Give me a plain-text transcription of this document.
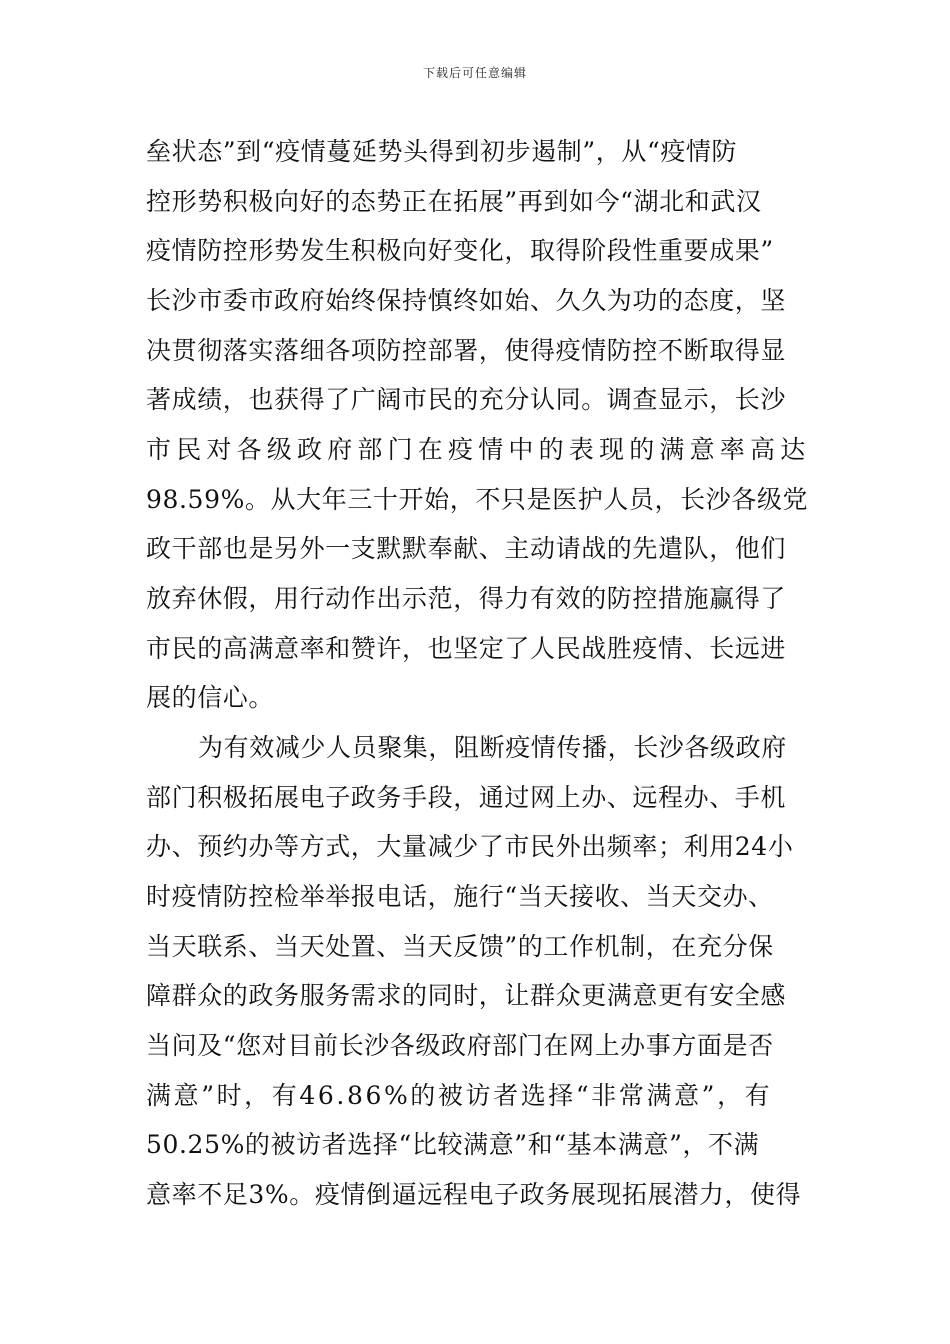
下载后可任意编辑
垒状态”到“疫情蔓延势头得到初步遏制”，从“疫情防
控形势积极向好的态势正在拓展”再到如今“湖北和武汉
疫情防控形势发生积极向好变化，取得阶段性重要成果”
长沙市委市政府始终保持慎终如始、久久为功的态度，坚
决贯彻落实落细各项防控部署，使得疫情防控不断取得显
著成绩，也获得了广阔市民的充分认同。调查显示，长沙
市民对各级政府部门在疫情中的表现的满意率高达
98.59%。从大年三十开始，不只是医护人员，长沙各级党
政干部也是另外一支默默奉献、主动请战的先遣队，他们
放弃休假，用行动作出示范，得力有效的防控措施赢得了
市民的高满意率和赞许，也坚定了人民战胜疫情、长远进
展的信心。
为有效减少人员聚集，阻断疫情传播，长沙各级政府
部门积极拓展电子政务手段，通过网上办、远程办、手机
办、预约办等方式，大量减少了市民外出频率；利用24小
时疫情防控检举举报电话，施行“当天接收、当天交办、
当天联系、当天处置、当天反馈”的工作机制，在充分保
障群众的政务服务需求的同时，让群众更满意更有安全感
当问及“您对目前长沙各级政府部门在网上办事方面是否
满意”时，有46.86%的被访者选择“非常满意”，有
50.25%的被访者选择“比较满意”和“基本满意”，不满
意率不足3%。疫情倒逼远程电子政务展现拓展潜力，使得
